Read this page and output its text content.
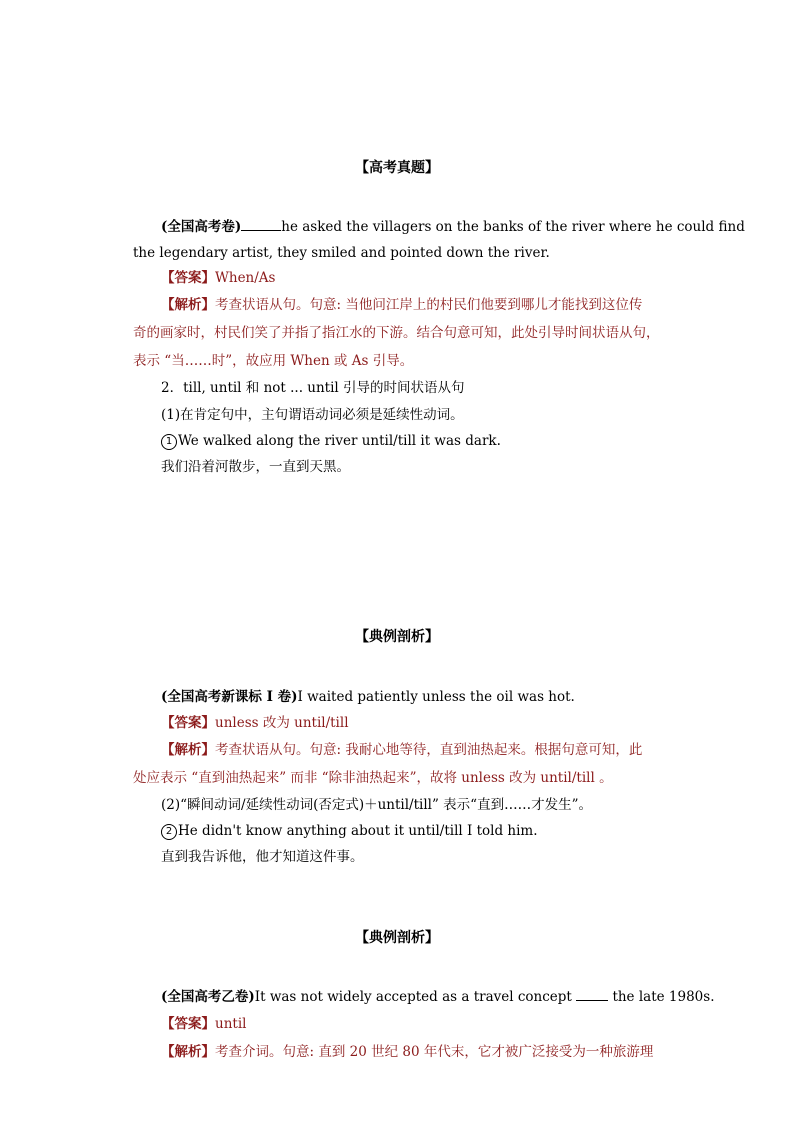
【高考真题】
(全国高考卷)	he asked the villagers on the banks of the river where he could find
the legendary artist, they smiled and pointed down the river.
【答案】When/As
【解析】考查状语从句。句意: 当他问江岸上的村民们他要到哪儿才能找到这位传
奇的画家时，村民们笑了并指了指江水的下游。结合句意可知，此处引导时间状语从句，
表示 “当……时”，故应用 When 或 As 引导。
2．till, until 和 not ... until 引导的时间状语从句
(1)在肯定句中，主句谓语动词必须是延续性动词。
1 We walked along the river until/till it was dark.
我们沿着河散步，一直到天黑。
【典例剖析】
(全国高考新课标 I 卷)I waited patiently unless the oil was hot.
【答案】unless 改为 until/till
【解析】考查状语从句。句意: 我耐心地等待，直到油热起来。根据句意可知，此
处应表示 “直到油热起来” 而非 “除非油热起来”，故将 unless 改为 until/till 。
(2)“瞬间动词/延续性动词(否定式)＋until/till” 表示“直到……才发生”。
2 He didn't know anything about it until/till I told him.
直到我告诉他，他才知道这件事。
【典例剖析】
(全国高考乙卷)It was not widely accepted as a travel concept	the late 1980s.
【答案】until
【解析】考查介词。句意: 直到 20 世纪 80 年代末，它才被广泛接受为一种旅游理
